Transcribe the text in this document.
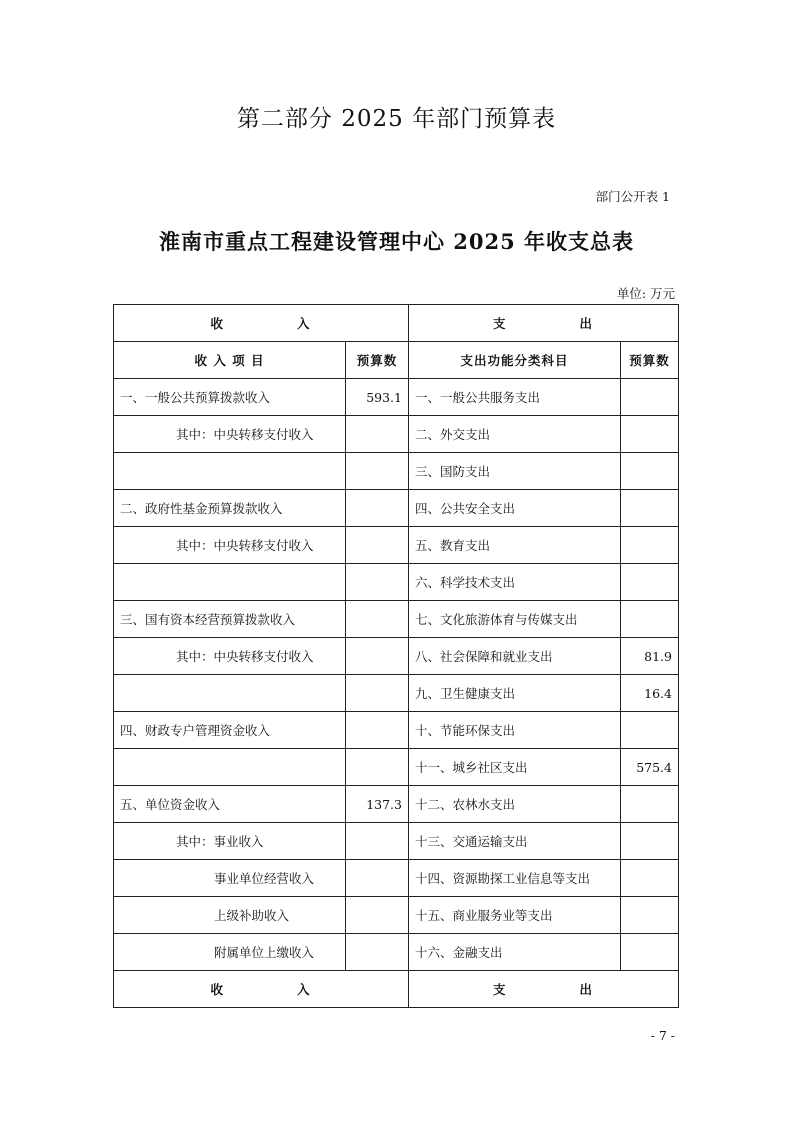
第二部分 2025 年部门预算表
部门公开表 1
淮南市重点工程建设管理中心 2025 年收支总表
单位: 万元
收 入		支 出	
收 入 项 目	预算数	支出功能分类科目	预算数
一、一般公共预算拨款收入	593.1	一、一般公共服务支出	
其中：中央转移支付收入		二、外交支出	
		三、国防支出	
二、政府性基金预算拨款收入		四、公共安全支出	
其中：中央转移支付收入		五、教育支出	
		六、科学技术支出	
三、国有资本经营预算拨款收入		七、文化旅游体育与传媒支出	
其中：中央转移支付收入		八、社会保障和就业支出	81.9
		九、卫生健康支出	16.4
四、财政专户管理资金收入		十、节能环保支出	
		十一、城乡社区支出	575.4
五、单位资金收入	137.3	十二、农林水支出	
其中：事业收入		十三、交通运输支出	
事业单位经营收入		十四、资源勘探工业信息等支出	
上级补助收入		十五、商业服务业等支出	
附属单位上缴收入		十六、金融支出	
收 入		支 出	
- 7 -
